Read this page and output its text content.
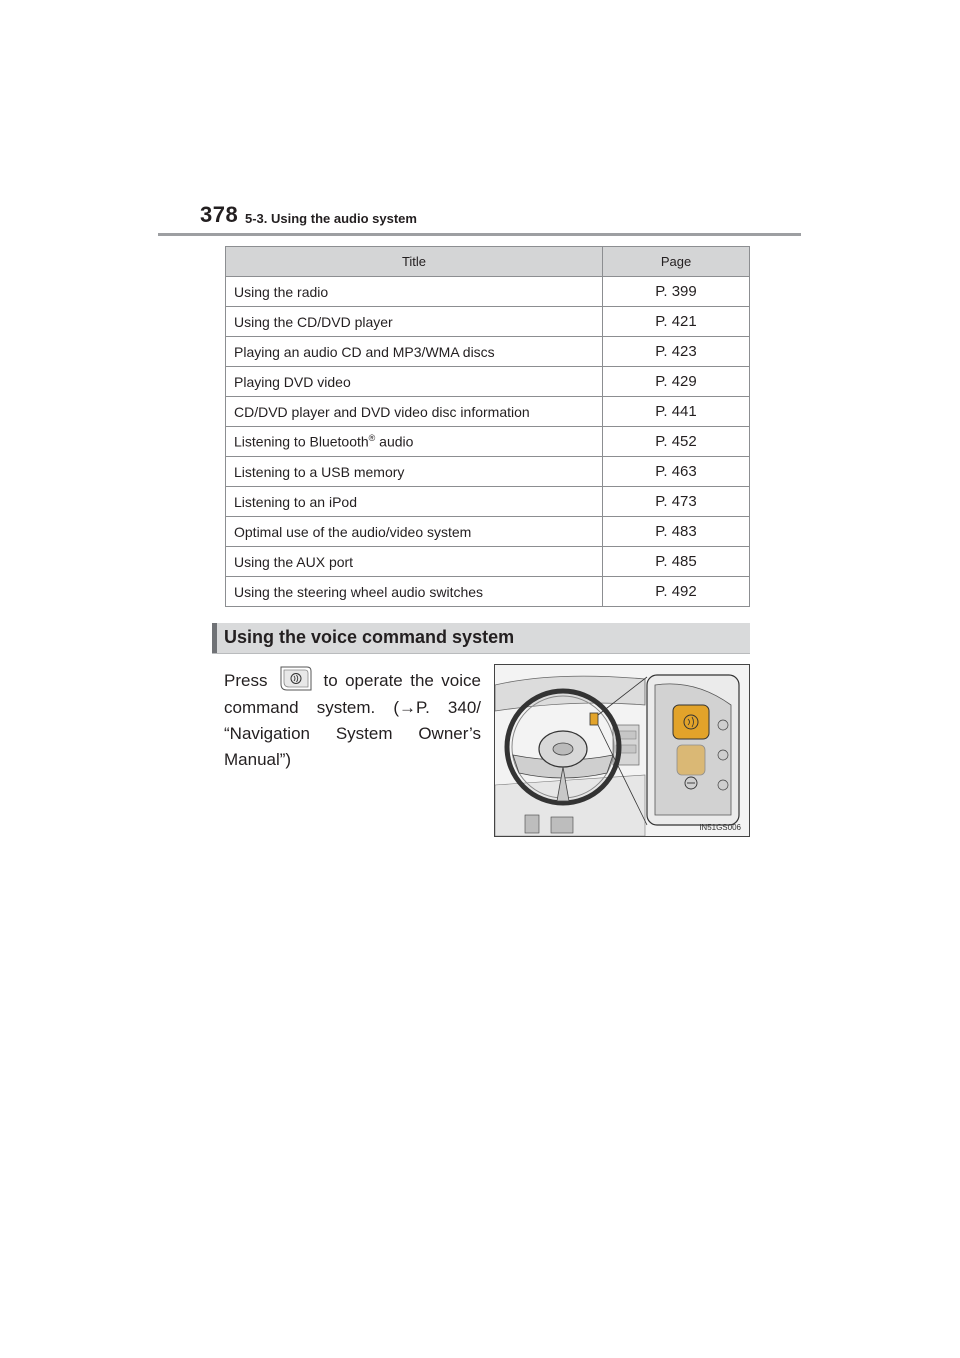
378 5-3. Using the audio system
Title	Page
Using the radio	P. 399
Using the CD/DVD player	P. 421
Playing an audio CD and MP3/WMA discs	P. 423
Playing DVD video	P. 429
CD/DVD player and DVD video disc information	P. 441
Listening to Bluetooth® audio	P. 452
Listening to a USB memory	P. 463
Listening to an iPod	P. 473
Optimal use of the audio/video system	P. 483
Using the AUX port	P. 485
Using the steering wheel audio switches	P. 492
Using the voice command system
Press	to operate the voice command system. (→P. 340/ “Navigation System Owner’s Manual”)
IN51GS006
